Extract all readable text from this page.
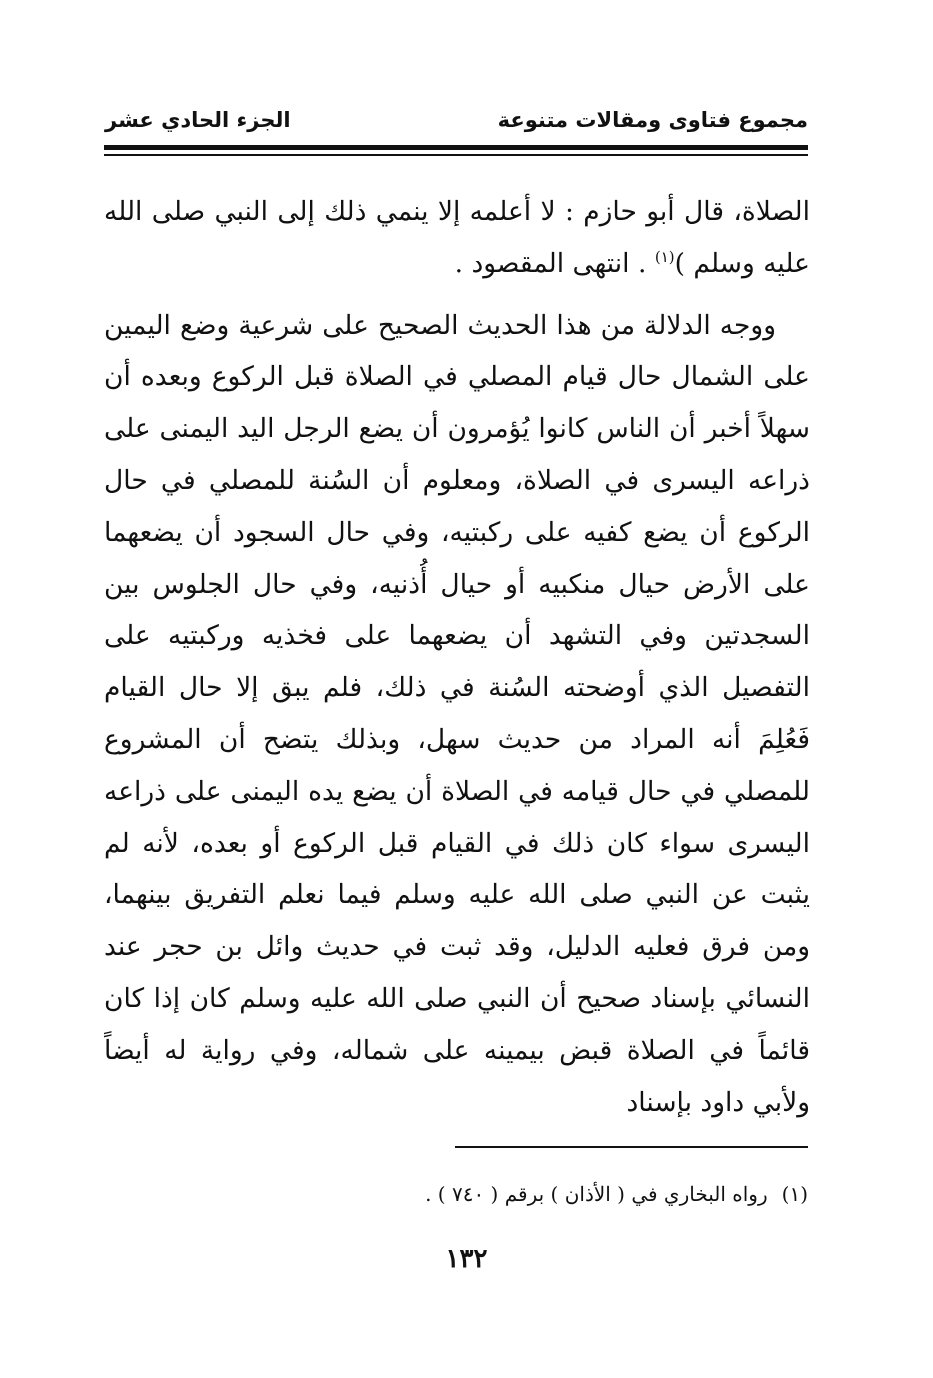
مجموع فتاوى ومقالات متنوعة
الجزء الحادي عشر

الصلاة، قال أبو حازم : لا أعلمه إلا ينمي ذلك إلى النبي صلى الله عليه وسلم )$^{(١)}$ . انتهى المقصود .

ووجه الدلالة من هذا الحديث الصحيح على شرعية وضع اليمين على الشمال حال قيام المصلي في الصلاة قبل الركوع وبعده أن سهلاً أخبر أن الناس كانوا يُؤمرون أن يضع الرجل اليد اليمنى على ذراعه اليسرى في الصلاة، ومعلوم أن السُنة للمصلي في حال الركوع أن يضع كفيه على ركبتيه، وفي حال السجود أن يضعهما على الأرض حيال منكبيه أو حيال أُذنيه، وفي حال الجلوس بين السجدتين وفي التشهد أن يضعهما على فخذيه وركبتيه على التفصيل الذي أوضحته السُنة في ذلك، فلم يبق إلا حال القيام فَعُلِمَ أنه المراد من حديث سهل، وبذلك يتضح أن المشروع للمصلي في حال قيامه في الصلاة أن يضع يده اليمنى على ذراعه اليسرى سواء كان ذلك في القيام قبل الركوع أو بعده، لأنه لم يثبت عن النبي صلى الله عليه وسلم فيما نعلم التفريق بينهما، ومن فرق فعليه الدليل، وقد ثبت في حديث وائل بن حجر عند النسائي بإسناد صحيح أن النبي صلى الله عليه وسلم كان إذا كان قائماً في الصلاة قبض بيمينه على شماله، وفي رواية له أيضاً ولأبي داود بإسناد

(١)رواه البخاري في ( الأذان ) برقم ( ٧٤٠ ) .
١٣٢
